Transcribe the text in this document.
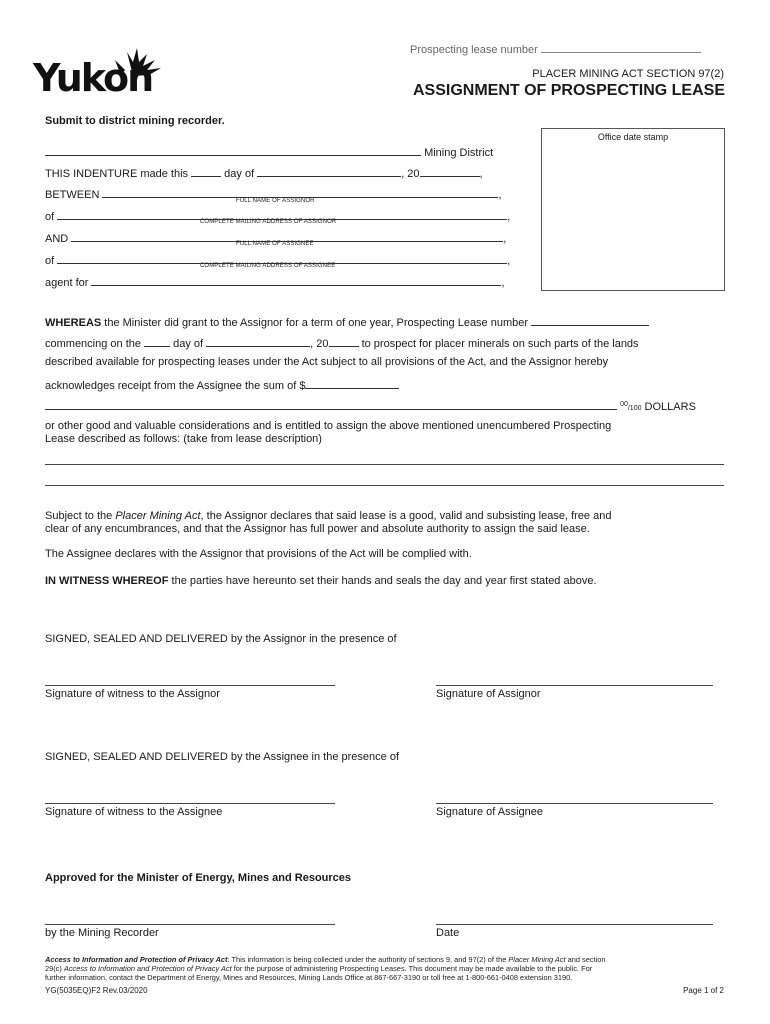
Prospecting lease number
Yukon	PLACER MINING ACT SECTION 97(2)
ASSIGNMENT OF PROSPECTING LEASE
Submit to district mining recorder.
Office date stamp
Mining District
THIS INDENTURE made this	day of	, 20	,
BETWEEN	,
FULL NAME OF ASSIGNOR
of	,
COMPLETE MAILING ADDRESS OF ASSIGNOR
AND	,
FULL NAME OF ASSIGNEE
of	,
COMPLETE MAILING ADDRESS OF ASSIGNEE
agent for	,
WHEREAS the Minister did grant to the Assignor for a term of one year, Prospecting Lease number
commencing on the	day of	, 20	to prospect for placer minerals on such parts of the lands
described available for prospecting leases under the Act subject to all provisions of the Act, and the Assignor hereby
acknowledges receipt from the Assignee the sum of $
$^{00}$/100 DOLLARS
or other good and valuable considerations and is entitled to assign the above mentioned unencumbered Prospecting
Lease described as follows: (take from lease description)
Subject to the Placer Mining Act, the Assignor declares that said lease is a good, valid and subsisting lease, free and
clear of any encumbrances, and that the Assignor has full power and absolute authority to assign the said lease.
The Assignee declares with the Assignor that provisions of the Act will be complied with.
IN WITNESS WHEREOF the parties have hereunto set their hands and seals the day and year first stated above.
SIGNED, SEALED AND DELIVERED by the Assignor in the presence of
Signature of witness to the Assignor	Signature of Assignor
SIGNED, SEALED AND DELIVERED by the Assignee in the presence of
Signature of witness to the Assignee	Signature of Assignee
Approved for the Minister of Energy, Mines and Resources
by the Mining Recorder	Date
Access to Information and Protection of Privacy Act: This information is being collected under the authority of sections 9, and 97(2) of the Placer Mining Act and section
29(c) Access to Information and Protection of Privacy Act for the purpose of administering Prospecting Leases. This document may be made available to the public. For
further information, contact the Department of Energy, Mines and Resources, Mining Lands Office at 867-667-3190 or toll free at 1-800-661-0408 extension 3190.
YG(5035EQ)F2 Rev.03/2020	Page 1 of 2
